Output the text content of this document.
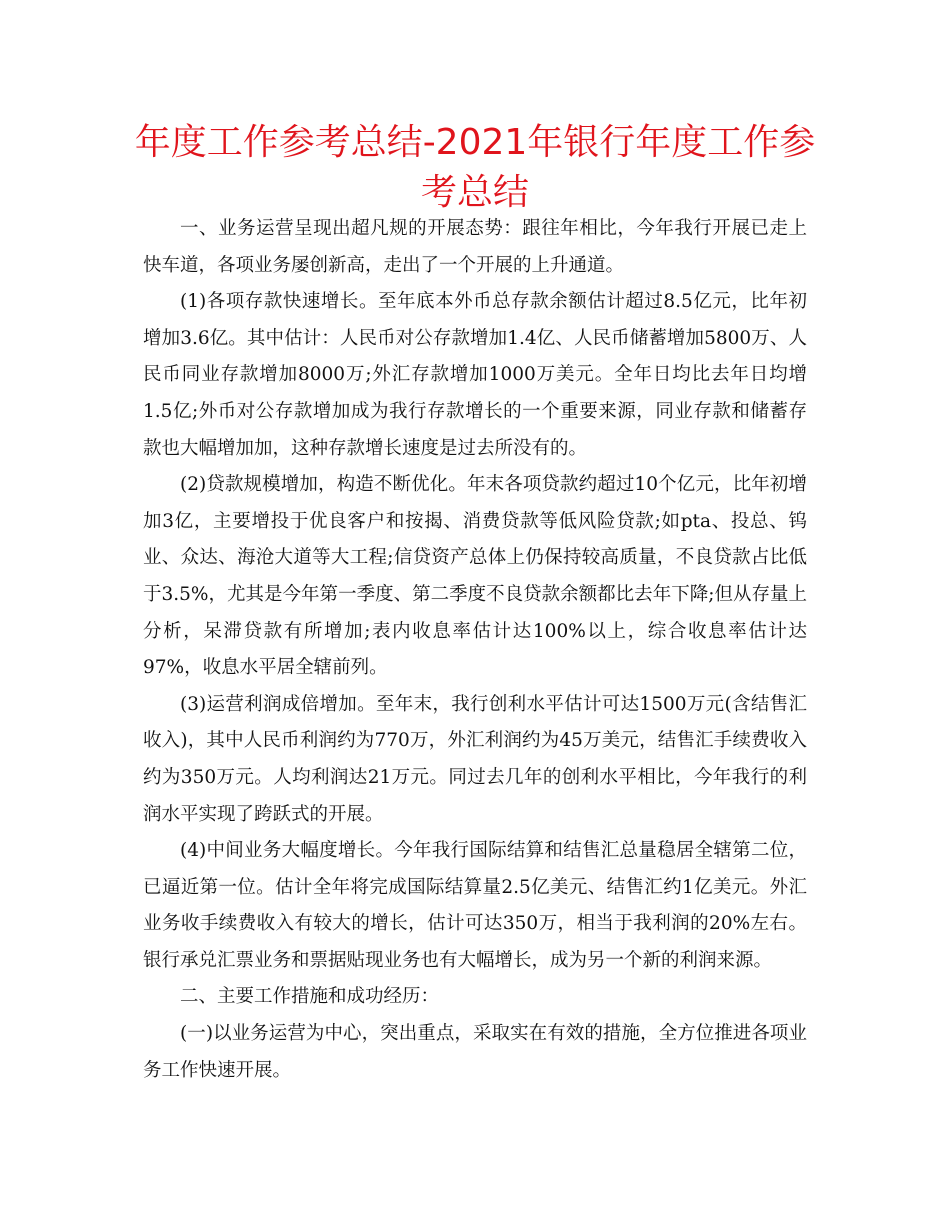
年度工作参考总结-2021年银行年度工作参考总结

一、业务运营呈现出超凡规的开展态势：跟往年相比，今年我行开展已走上快车道，各项业务屡创新高，走出了一个开展的上升通道。

(1)各项存款快速增长。至年底本外币总存款余额估计超过8.5亿元，比年初增加3.6亿。其中估计：人民币对公存款增加1.4亿、人民币储蓄增加5800万、人民币同业存款增加8000万;外汇存款增加1000万美元。全年日均比去年日均增1.5亿;外币对公存款增加成为我行存款增长的一个重要来源，同业存款和储蓄存款也大幅增加加，这种存款增长速度是过去所没有的。

(2)贷款规模增加，构造不断优化。年末各项贷款约超过10个亿元，比年初增加3亿，主要增投于优良客户和按揭、消费贷款等低风险贷款;如pta、投总、钨业、众达、海沧大道等大工程;信贷资产总体上仍保持较高质量，不良贷款占比低于3.5%，尤其是今年第一季度、第二季度不良贷款余额都比去年下降;但从存量上分析，呆滞贷款有所增加;表内收息率估计达100%以上，综合收息率估计达97%，收息水平居全辖前列。

(3)运营利润成倍增加。至年末，我行创利水平估计可达1500万元(含结售汇收入)，其中人民币利润约为770万，外汇利润约为45万美元，结售汇手续费收入约为350万元。人均利润达21万元。同过去几年的创利水平相比，今年我行的利润水平实现了跨跃式的开展。

(4)中间业务大幅度增长。今年我行国际结算和结售汇总量稳居全辖第二位，已逼近第一位。估计全年将完成国际结算量2.5亿美元、结售汇约1亿美元。外汇业务收手续费收入有较大的增长，估计可达350万，相当于我利润的20%左右。银行承兑汇票业务和票据贴现业务也有大幅增长，成为另一个新的利润来源。

二、主要工作措施和成功经历：

(一)以业务运营为中心，突出重点，采取实在有效的措施，全方位推进各项业务工作快速开展。
